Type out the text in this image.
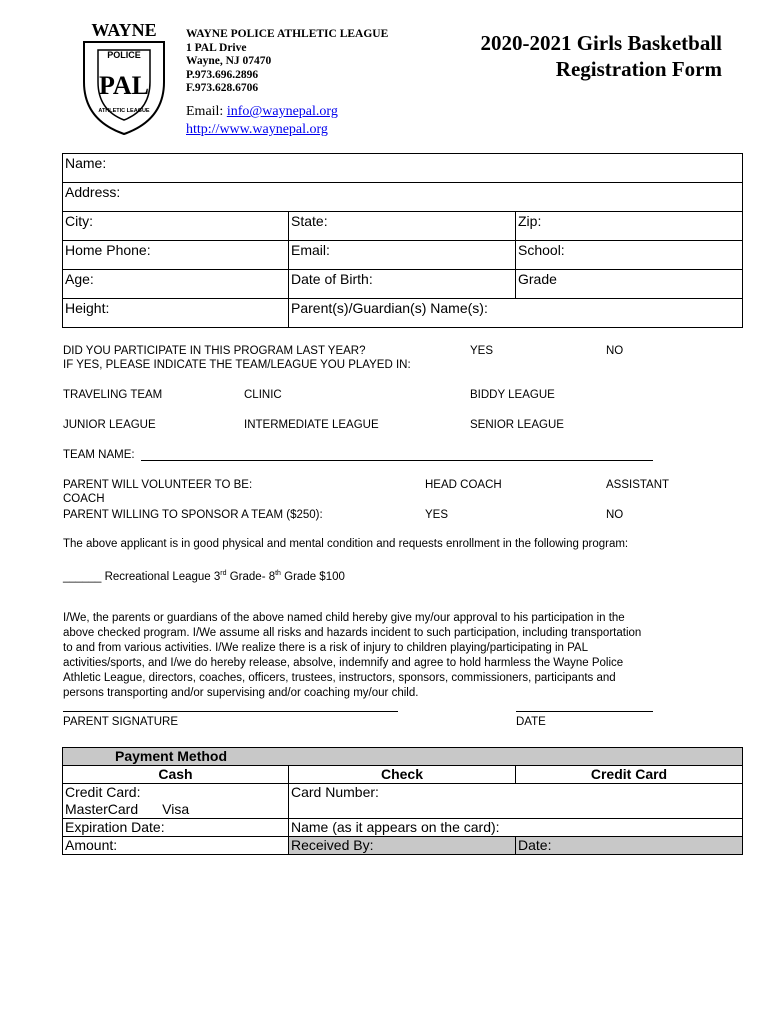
WAYNE
POLICE
PAL
ATHLETIC LEAGUE
WAYNE POLICE ATHLETIC LEAGUE
1 PAL Drive
Wayne, NJ 07470
P.973.696.2896
F.973.628.6706
Email: info@waynepal.org
http://www.waynepal.org
2020-2021 Girls Basketball
Registration Form
Name:		
Address:		
City:	State:	Zip:
Home Phone:	Email:	School:
Age:	Date of Birth:	Grade
Height:	Parent(s)/Guardian(s) Name(s):	
DID YOU PARTICIPATE IN THIS PROGRAM LAST YEAR?	YES	NO
IF YES, PLEASE INDICATE THE TEAM/LEAGUE YOU PLAYED IN:
TRAVELING TEAM	CLINIC	BIDDY LEAGUE
JUNIOR LEAGUE	INTERMEDIATE LEAGUE	SENIOR LEAGUE
TEAM NAME:
PARENT WILL VOLUNTEER TO BE:	HEAD COACH	ASSISTANT
COACH
PARENT WILLING TO SPONSOR A TEAM ($250):	YES	NO
The above applicant is in good physical and mental condition and requests enrollment in the following program:
______ Recreational League 3rd Grade- 8th Grade $100
I/We, the parents or guardians of the above named child hereby give my/our approval to his participation in the
above checked program. I/We assume all risks and hazards incident to such participation, including transportation
to and from various activities. I/We realize there is a risk of injury to children playing/participating in PAL
activities/sports, and I/we do hereby release, absolve, indemnify and agree to hold harmless the Wayne Police
Athletic League, directors, coaches, officers, trustees, instructors, sponsors, commissioners, participants and
persons transporting and/or supervising and/or coaching my/our child.
PARENT SIGNATURE	DATE
Payment Method		
Cash	Check	Credit Card

Credit Card:
MasterCard Visa	Card Number:	
Expiration Date:	Name (as it appears on the card):	
Amount:	Received By:	Date:
